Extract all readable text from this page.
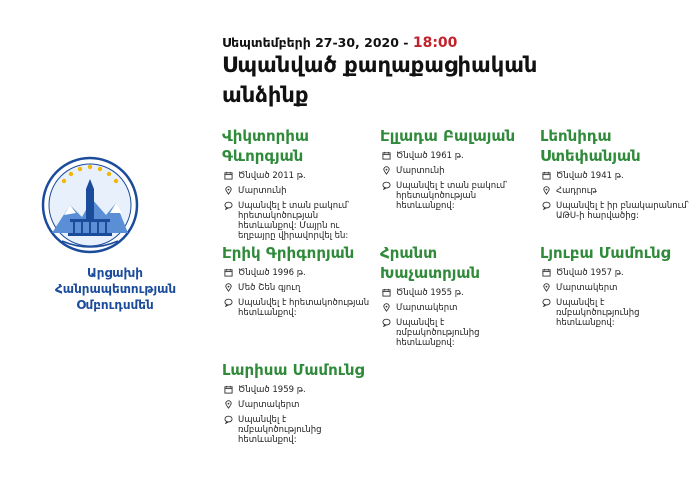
Արցախի Հանրապետության Օմբուդսմեն
Սեպտեմբերի 27-30, 2020 - 18:00
Սպանված քաղաքացիական անձինք
Վիկտորիա Գևորգյան
Ծնված 2011 թ.
Մարտունի
Սպանվել է տան բակում՝ հրետակոծության հետևանքով: Մայրն ու եղբայրը վիրավորվել են:
Էլլադա Բալայան
Ծնված 1961 թ.
Մարտունի
Սպանվել է տան բակում՝ հրետակոծության հետևանքով:
Լեոնիդա Ստեփանյան
Ծնված 1941 թ.
Հադրութ
Սպանվել է իր բնակարանում՝ ԱԹՍ-ի հարվածից:
Էրիկ Գրիգորյան
Ծնված 1996 թ.
Մեծ Շեն գյուղ
Սպանվել է հրետակոծության հետևանքով:
Հրանտ Խաչատրյան
Ծնված 1955 թ.
Մարտակերտ
Սպանվել է ռմբակոծությունից հետևանքով:
Լյուբա Մամունց
Ծնված 1957 թ.
Մարտակերտ
Սպանվել է ռմբակոծությունից հետևանքով:
Լարիսա Մամունց
Ծնված 1959 թ.
Մարտակերտ
Սպանվել է ռմբակոծությունից հետևանքով:
